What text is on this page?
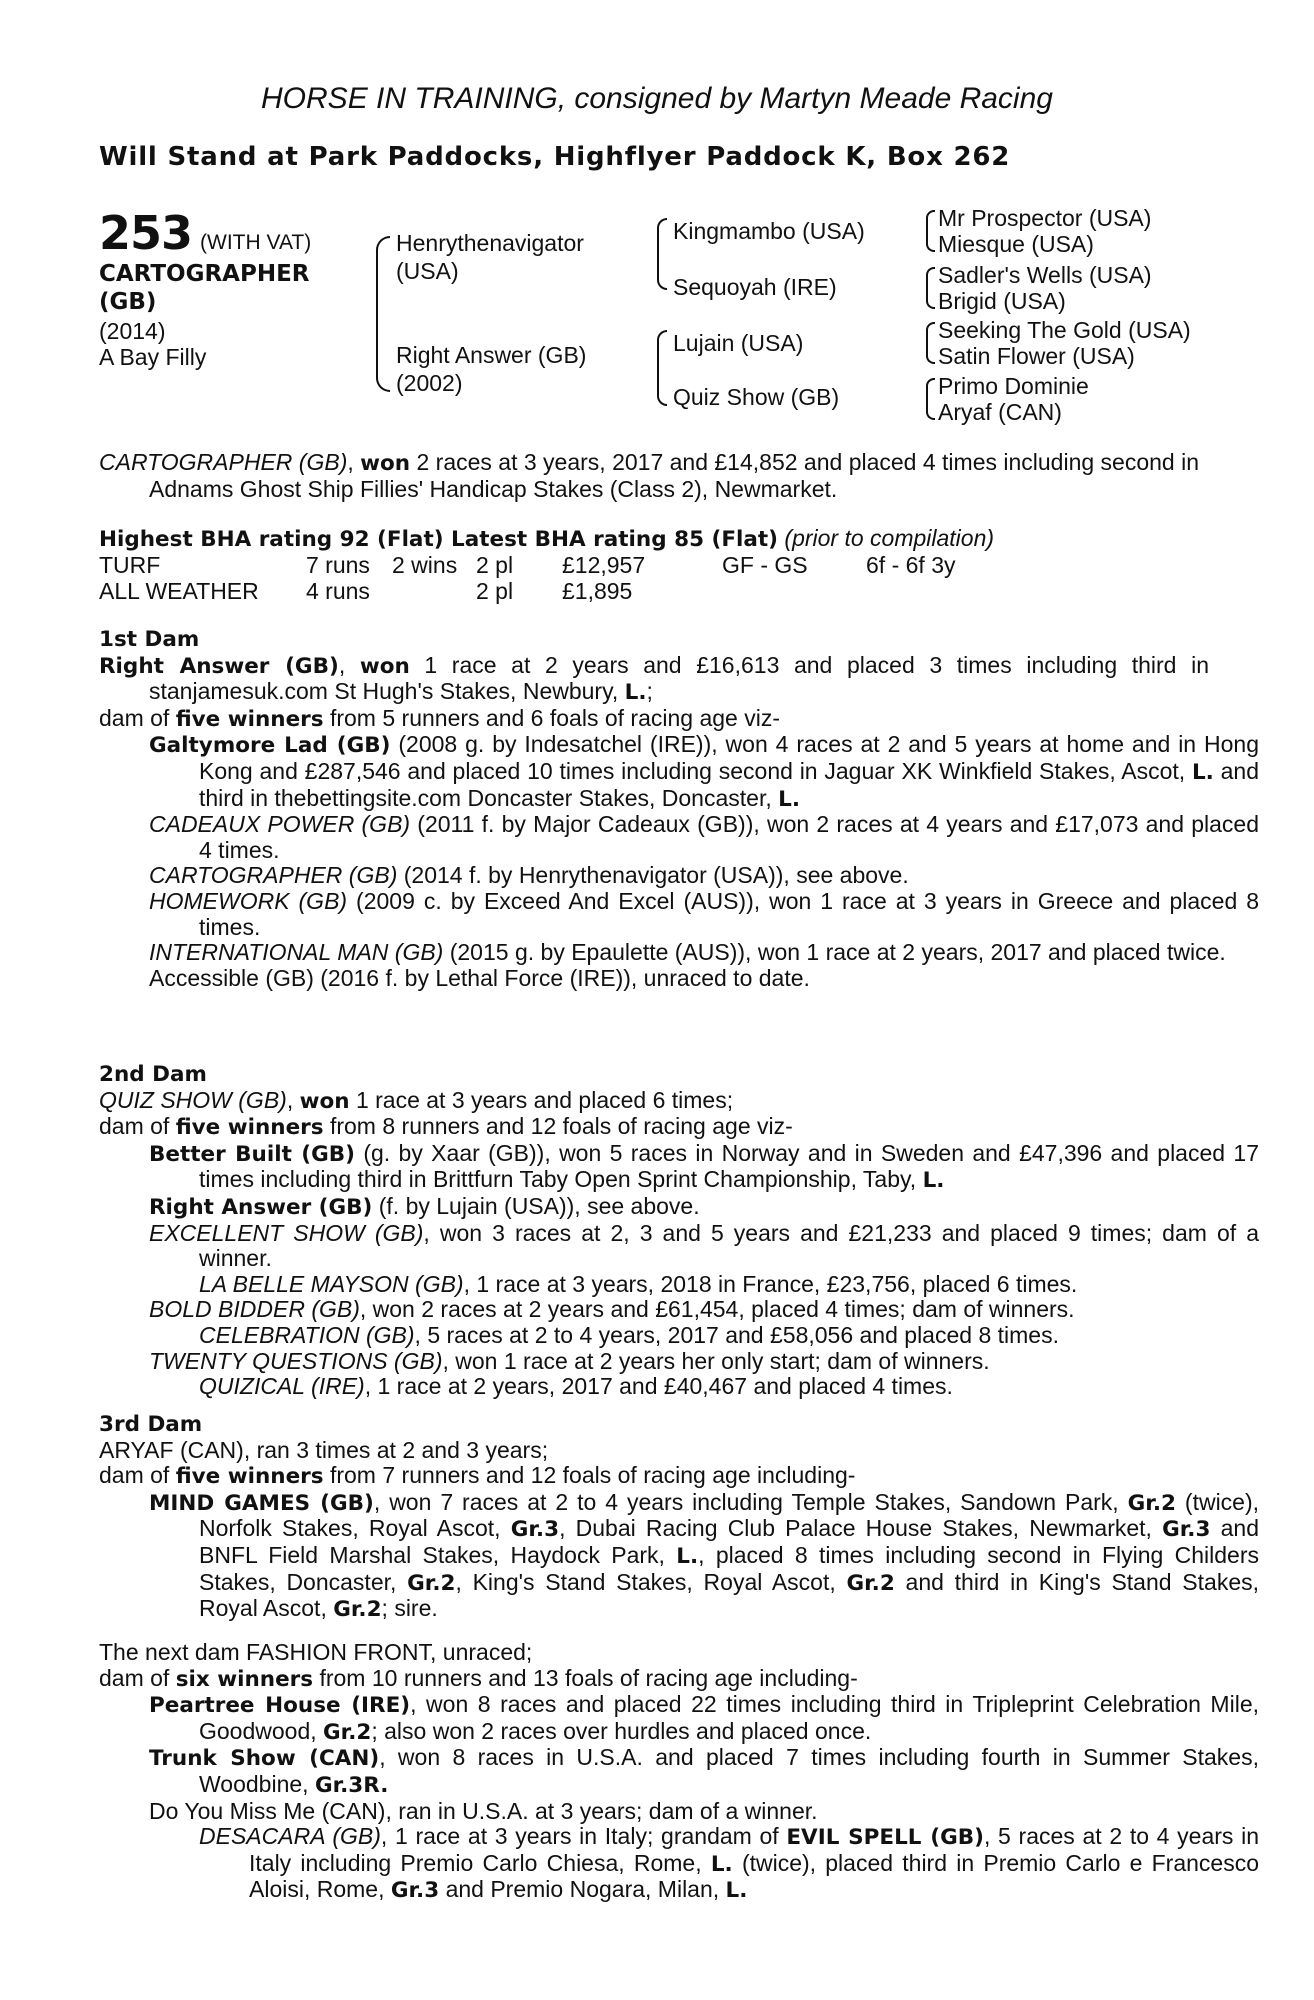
HORSE IN TRAINING, consigned by Martyn Meade Racing
Will Stand at Park Paddocks, Highflyer Paddock K, Box 262
253 (WITH VAT)
CARTOGRAPHER
(GB)
(2014)
A Bay Filly
Henrythenavigator
(USA)
Right Answer (GB)
(2002)
Kingmambo (USA)
Sequoyah (IRE)
Lujain (USA)
Quiz Show (GB)
Mr Prospector (USA)
Miesque (USA)
Sadler's Wells (USA)
Brigid (USA)
Seeking The Gold (USA)
Satin Flower (USA)
Primo Dominie
Aryaf (CAN)
CARTOGRAPHER (GB), won 2 races at 3 years, 2017 and £14,852 and placed 4 times including second in Adnams Ghost Ship Fillies' Handicap Stakes (Class 2), Newmarket.
Highest BHA rating 92 (Flat) Latest BHA rating 85 (Flat) (prior to compilation)
TURF	7 runs 2 wins 2 pl £12,957	GF - GS	6f - 6f 3y
ALL WEATHER 4 runs	2 pl £1,895
1st Dam
Right Answer (GB), won 1 race at 2 years and £16,613 and placed 3 times including third in stanjamesuk.com St Hugh's Stakes, Newbury, L.;
dam of five winners from 5 runners and 6 foals of racing age viz-
Galtymore Lad (GB) (2008 g. by Indesatchel (IRE)), won 4 races at 2 and 5 years at home and in Hong Kong and £287,546 and placed 10 times including second in Jaguar XK Winkfield Stakes, Ascot, L. and third in thebettingsite.com Doncaster Stakes, Doncaster, L.
CADEAUX POWER (GB) (2011 f. by Major Cadeaux (GB)), won 2 races at 4 years and £17,073 and placed 4 times.
CARTOGRAPHER (GB) (2014 f. by Henrythenavigator (USA)), see above.
HOMEWORK (GB) (2009 c. by Exceed And Excel (AUS)), won 1 race at 3 years in Greece and placed 8 times.
INTERNATIONAL MAN (GB) (2015 g. by Epaulette (AUS)), won 1 race at 2 years, 2017 and placed twice.
Accessible (GB) (2016 f. by Lethal Force (IRE)), unraced to date.
2nd Dam
QUIZ SHOW (GB), won 1 race at 3 years and placed 6 times;
dam of five winners from 8 runners and 12 foals of racing age viz-
Better Built (GB) (g. by Xaar (GB)), won 5 races in Norway and in Sweden and £47,396 and placed 17 times including third in Brittfurn Taby Open Sprint Championship, Taby, L.
Right Answer (GB) (f. by Lujain (USA)), see above.
EXCELLENT SHOW (GB), won 3 races at 2, 3 and 5 years and £21,233 and placed 9 times; dam of a winner.
LA BELLE MAYSON (GB), 1 race at 3 years, 2018 in France, £23,756, placed 6 times.
BOLD BIDDER (GB), won 2 races at 2 years and £61,454, placed 4 times; dam of winners.
CELEBRATION (GB), 5 races at 2 to 4 years, 2017 and £58,056 and placed 8 times.
TWENTY QUESTIONS (GB), won 1 race at 2 years her only start; dam of winners.
QUIZICAL (IRE), 1 race at 2 years, 2017 and £40,467 and placed 4 times.
3rd Dam
ARYAF (CAN), ran 3 times at 2 and 3 years;
dam of five winners from 7 runners and 12 foals of racing age including-
MIND GAMES (GB), won 7 races at 2 to 4 years including Temple Stakes, Sandown Park, Gr.2 (twice), Norfolk Stakes, Royal Ascot, Gr.3, Dubai Racing Club Palace House Stakes, Newmarket, Gr.3 and BNFL Field Marshal Stakes, Haydock Park, L., placed 8 times including second in Flying Childers Stakes, Doncaster, Gr.2, King's Stand Stakes, Royal Ascot, Gr.2 and third in King's Stand Stakes, Royal Ascot, Gr.2; sire.
The next dam FASHION FRONT, unraced;
dam of six winners from 10 runners and 13 foals of racing age including-
Peartree House (IRE), won 8 races and placed 22 times including third in Tripleprint Celebration Mile, Goodwood, Gr.2; also won 2 races over hurdles and placed once.
Trunk Show (CAN), won 8 races in U.S.A. and placed 7 times including fourth in Summer Stakes, Woodbine, Gr.3R.
Do You Miss Me (CAN), ran in U.S.A. at 3 years; dam of a winner.
DESACARA (GB), 1 race at 3 years in Italy; grandam of EVIL SPELL (GB), 5 races at 2 to 4 years in Italy including Premio Carlo Chiesa, Rome, L. (twice), placed third in Premio Carlo e Francesco Aloisi, Rome, Gr.3 and Premio Nogara, Milan, L.
